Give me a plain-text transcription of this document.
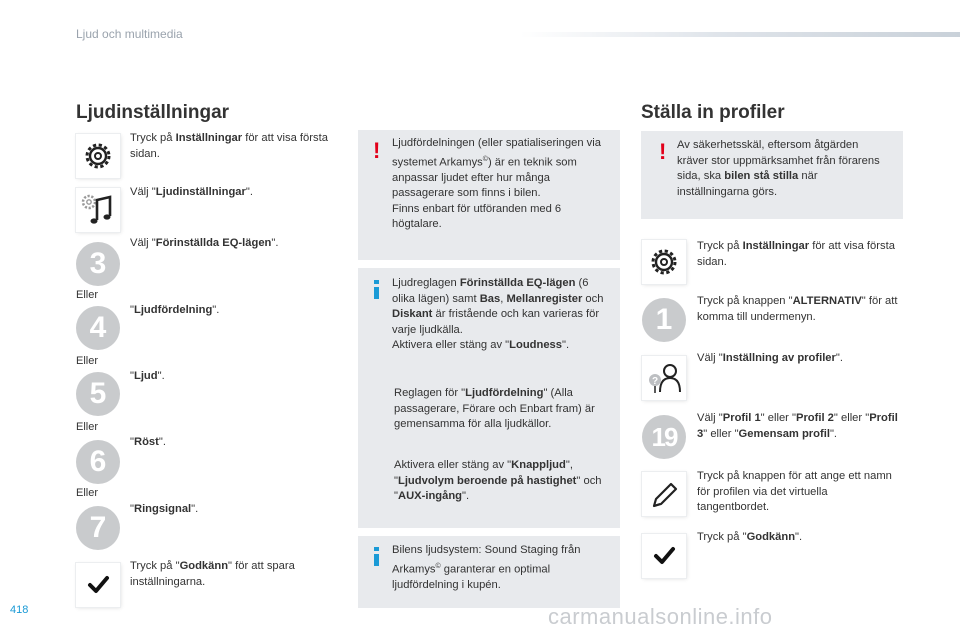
Ljud och multimedia
Ljudinställningar
Tryck på Inställningar för att visa första sidan.
Välj "Ljudinställningar".
3
Välj "Förinställda EQ-lägen".
Eller
4
"Ljudfördelning".
Eller
5
"Ljud".
Eller
6
"Röst".
Eller
7
"Ringsignal".
Tryck på "Godkänn" för att spara inställningarna.
! Ljudfördelningen (eller spatialiseringen via systemet Arkamys©) är en teknik som anpassar ljudet efter hur många passagerare som finns i bilen.
Finns enbart för utföranden med 6 högtalare.
Ljudreglagen Förinställda EQ-lägen (6 olika lägen) samt Bas, Mellanregister och Diskant är fristående och kan varieras för varje ljudkälla.
Aktivera eller stäng av "Loudness".
Reglagen för "Ljudfördelning" (Alla passagerare, Förare och Enbart fram) är gemensamma för alla ljudkällor.
Aktivera eller stäng av "Knappljud", "Ljudvolym beroende på hastighet" och "AUX-ingång".
Bilens ljudsystem: Sound Staging från Arkamys© garanterar en optimal ljudfördelning i kupén.
Ställa in profiler
! Av säkerhetsskäl, eftersom åtgärden kräver stor uppmärksamhet från förarens sida, ska bilen stå stilla när inställningarna görs.
Tryck på Inställningar för att visa första sidan.
1
Tryck på knappen "ALTERNATIV" för att komma till undermenyn.
?
Välj "Inställning av profiler".
19
Välj "Profil 1" eller "Profil 2" eller "Profil 3" eller "Gemensam profil".
Tryck på knappen för att ange ett namn för profilen via det virtuella tangentbordet.
Tryck på "Godkänn".
418	carmanualsonline.info
